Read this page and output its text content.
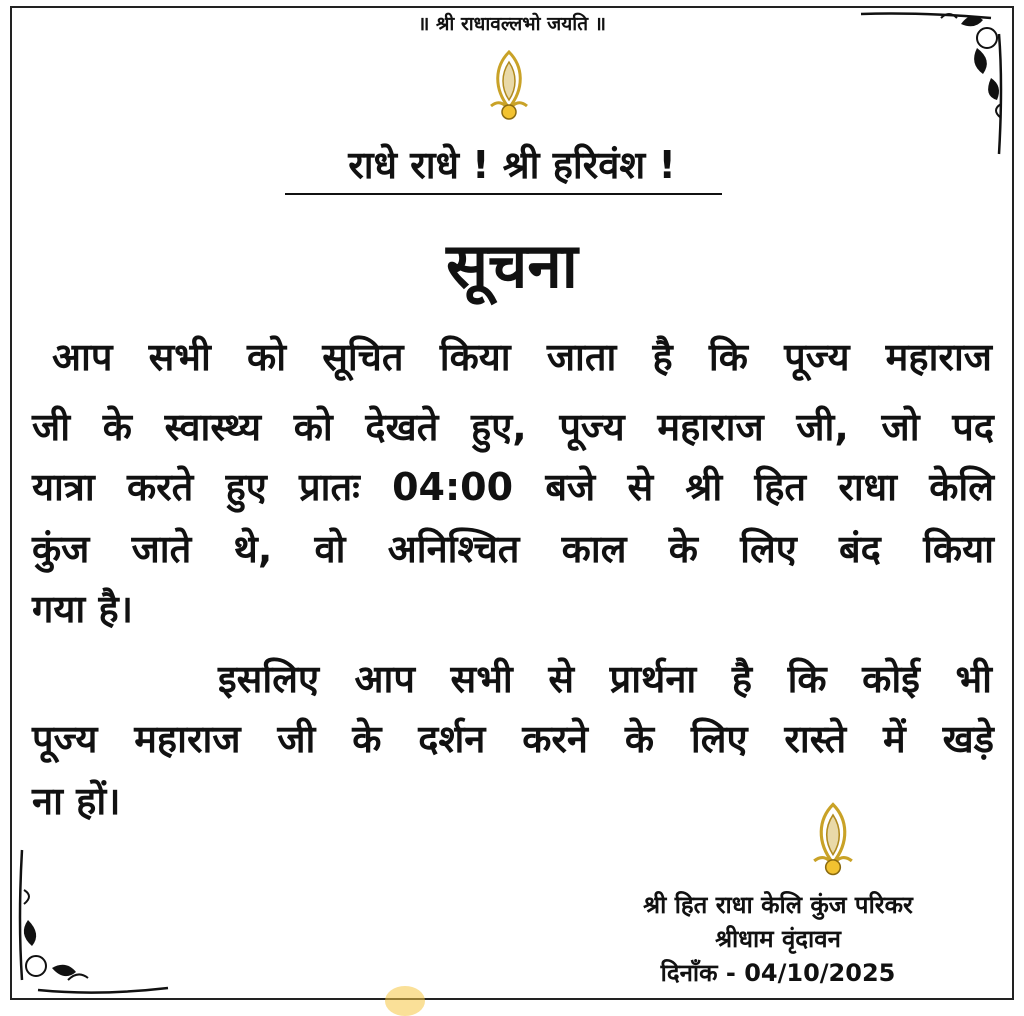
॥ श्री राधावल्लभो जयति ॥
राधे राधे ! श्री हरिवंश !
सूचना
आप सभी को सूचित किया जाता है कि पूज्य महाराज
जी के स्वास्थ्य को देखते हुए, पूज्य महाराज जी, जो पद
यात्रा करते हुए प्रातः 04:00 बजे से श्री हित राधा केलि
कुंज जाते थे, वो अनिश्चित काल के लिए बंद किया
गया है।
इसलिए आप सभी से प्रार्थना है कि कोई भी
पूज्य महाराज जी के दर्शन करने के लिए रास्ते में खड़े
ना हों।
श्री हित राधा केलि कुंज परिकर
श्रीधाम वृंदावन
दिनाँक - 04/10/2025
